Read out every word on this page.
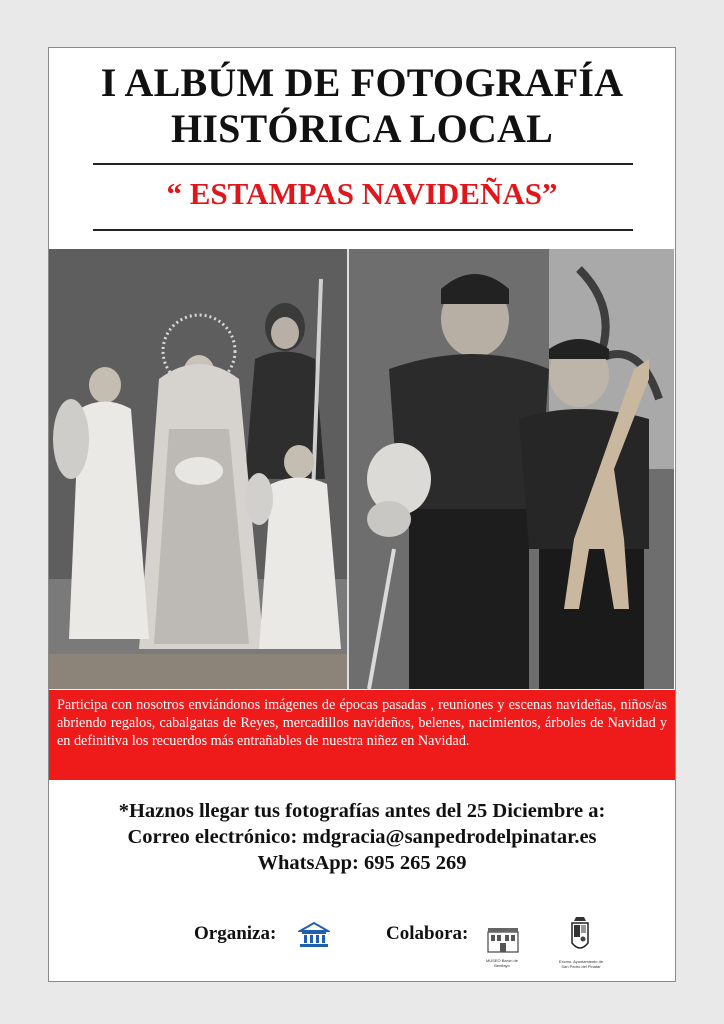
I ALBÚM DE FOTOGRAFÍA
HISTÓRICA LOCAL
“ ESTAMPAS NAVIDEÑAS”

Participa con nosotros enviándonos imágenes de épocas pasadas , reuniones y escenas navideñas, niños/as abriendo regalos, cabalgatas de Reyes, mercadillos navideños, belenes, nacimientos, árboles de Navidad y en definitiva los recuerdos más entrañables de nuestra niñez en Navidad.

*Haznos llegar tus fotografías antes del 25 Diciembre a:
Correo electrónico: mdgracia@sanpedrodelpinatar.es
WhatsApp: 695 265 269
Organiza:	Colabora:
MUSEO Barón de Benifayó
Excmo. Ayuntamiento de San Pedro del Pinatar
